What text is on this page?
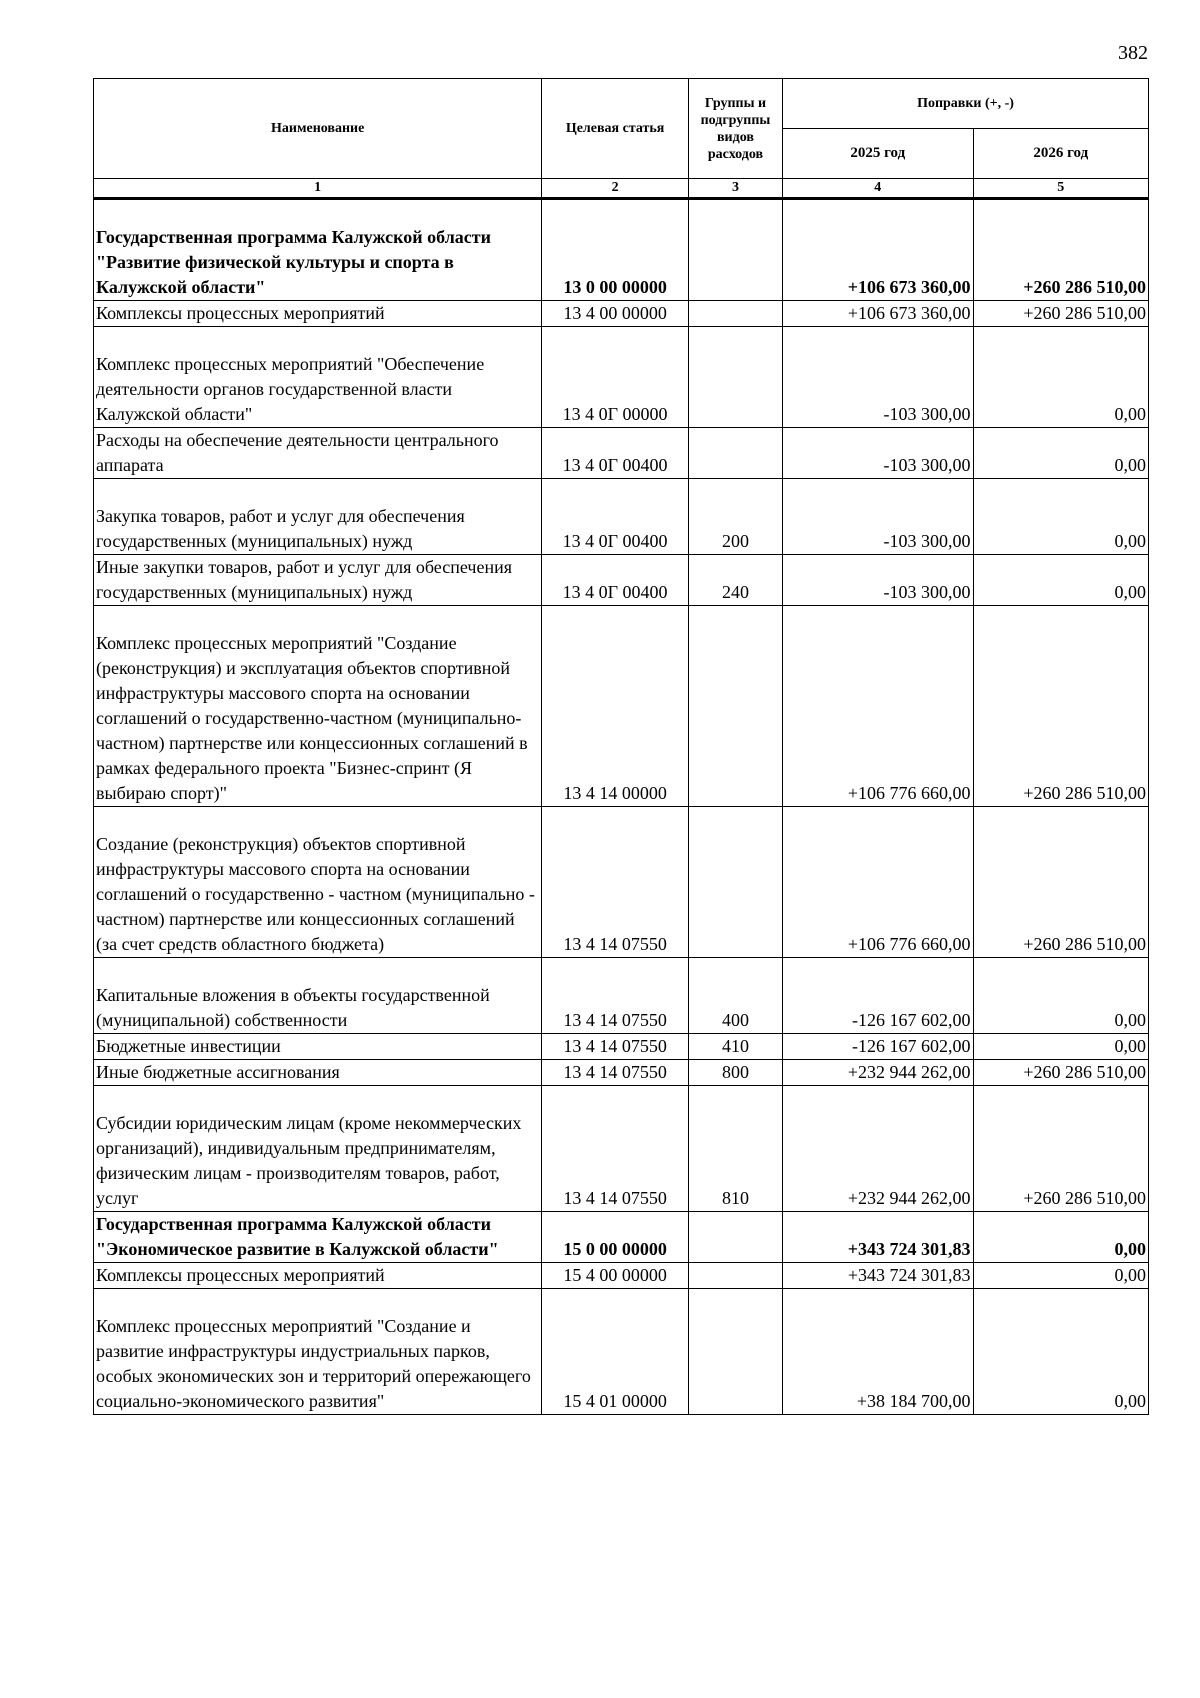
382
Наименование	Целевая статья	Группы и подгруппы видов расходов	Поправки (+, -)	
			2025 год	2026 год
1	2	3	4	5

Государственная программа Калужской области "Развитие физической культуры и спорта в Калужской области"	13 0 00 00000		+106 673 360,00	+260 286 510,00
Комплексы процессных мероприятий	13 4 00 00000		+106 673 360,00	+260 286 510,00

Комплекс процессных мероприятий "Обеспечение деятельности органов государственной власти Калужской области"	13 4 0Г 00000		-103 300,00	0,00
Расходы на обеспечение деятельности центрального аппарата	13 4 0Г 00400		-103 300,00	0,00

Закупка товаров, работ и услуг для обеспечения государственных (муниципальных) нужд	13 4 0Г 00400	200	-103 300,00	0,00
Иные закупки товаров, работ и услуг для обеспечения государственных (муниципальных) нужд	13 4 0Г 00400	240	-103 300,00	0,00

Комплекс процессных мероприятий "Создание (реконструкция) и эксплуатация объектов спортивной инфраструктуры массового спорта на основании соглашений о государственно-частном (муниципально-частном) партнерстве или концессионных соглашений в рамках федерального проекта "Бизнес-спринт (Я выбираю спорт)"	13 4 14 00000		+106 776 660,00	+260 286 510,00

Создание (реконструкция) объектов спортивной инфраструктуры массового спорта на основании соглашений о государственно - частном (муниципально - частном) партнерстве или концессионных соглашений (за счет средств областного бюджета)	13 4 14 07550		+106 776 660,00	+260 286 510,00

Капитальные вложения в объекты государственной (муниципальной) собственности	13 4 14 07550	400	-126 167 602,00	0,00
Бюджетные инвестиции	13 4 14 07550	410	-126 167 602,00	0,00
Иные бюджетные ассигнования	13 4 14 07550	800	+232 944 262,00	+260 286 510,00

Субсидии юридическим лицам (кроме некоммерческих организаций), индивидуальным предпринимателям, физическим лицам - производителям товаров, работ, услуг	13 4 14 07550	810	+232 944 262,00	+260 286 510,00
Государственная программа Калужской области "Экономическое развитие в Калужской области"	15 0 00 00000		+343 724 301,83	0,00
Комплексы процессных мероприятий	15 4 00 00000		+343 724 301,83	0,00

Комплекс процессных мероприятий "Создание и развитие инфраструктуры индустриальных парков, особых экономических зон и территорий опережающего социально-экономического развития"	15 4 01 00000		+38 184 700,00	0,00
